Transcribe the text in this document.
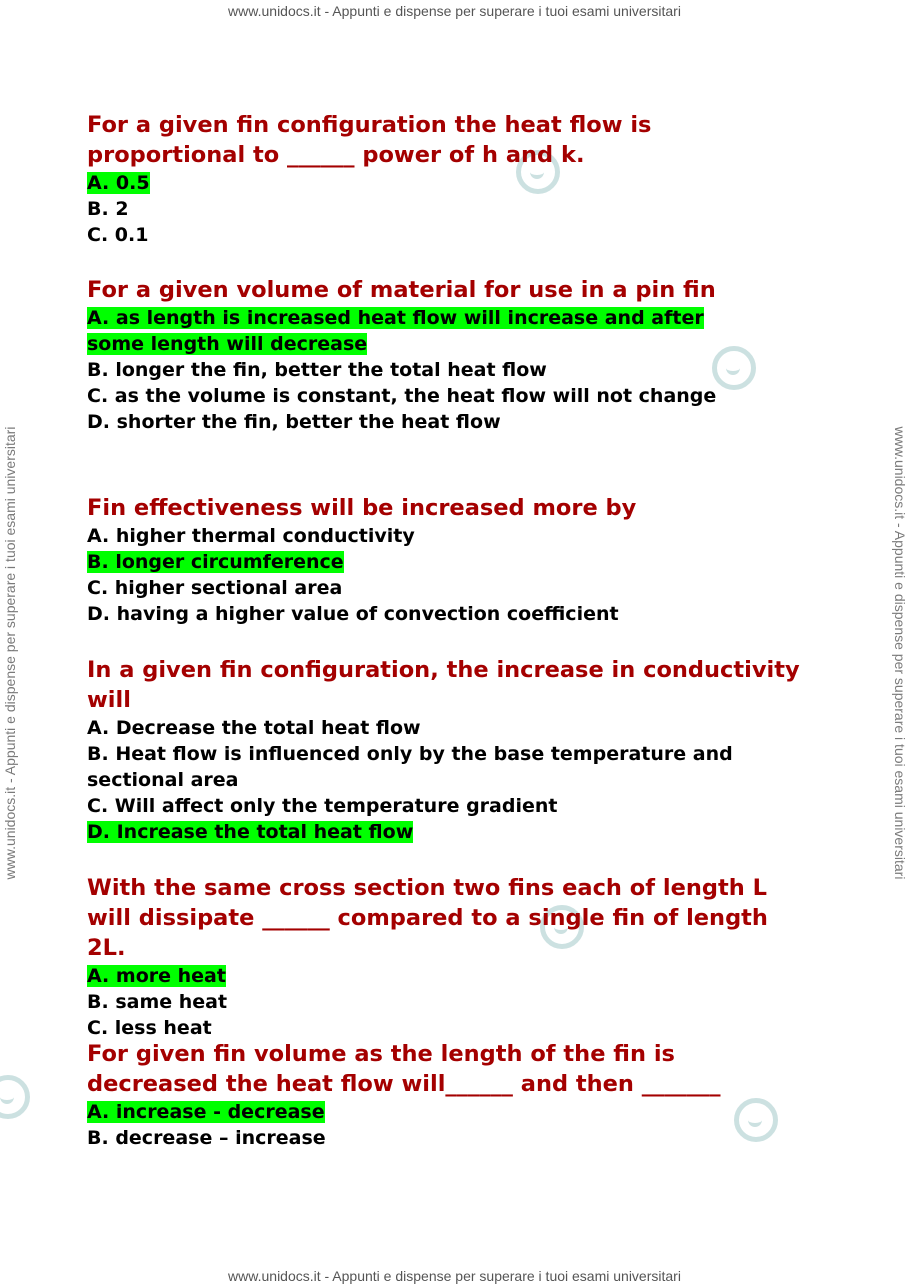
www.unidocs.it - Appunti e dispense per superare i tuoi esami universitari
www.unidocs.it - Appunti e dispense per superare i tuoi esami universitari	www.unidocs.it - Appunti e dispense per superare i tuoi esami universitari

For a given fin configuration the heat flow is proportional to ______ power of h and k.

A. 0.5

B. 2

C. 0.1

For a given volume of material for use in a pin fin

A. as length is increased heat flow will increase and after some length will decrease

B. longer the fin, better the total heat flow

C. as the volume is constant, the heat flow will not change

D. shorter the fin, better the heat flow

Fin effectiveness will be increased more by

A. higher thermal conductivity

B. longer circumference

C. higher sectional area

D. having a higher value of convection coefficient

In a given fin configuration, the increase in conductivity will

A. Decrease the total heat flow

B. Heat flow is influenced only by the base temperature and sectional area

C. Will affect only the temperature gradient

D. Increase the total heat flow

With the same cross section two fins each of length L will dissipate ______ compared to a single fin of length 2L.

A. more heat

B. same heat

C. less heat

For given fin volume as the length of the fin is decreased the heat flow will______ and then _______

A. increase - decrease

B. decrease – increase

www.unidocs.it - Appunti e dispense per superare i tuoi esami universitari
